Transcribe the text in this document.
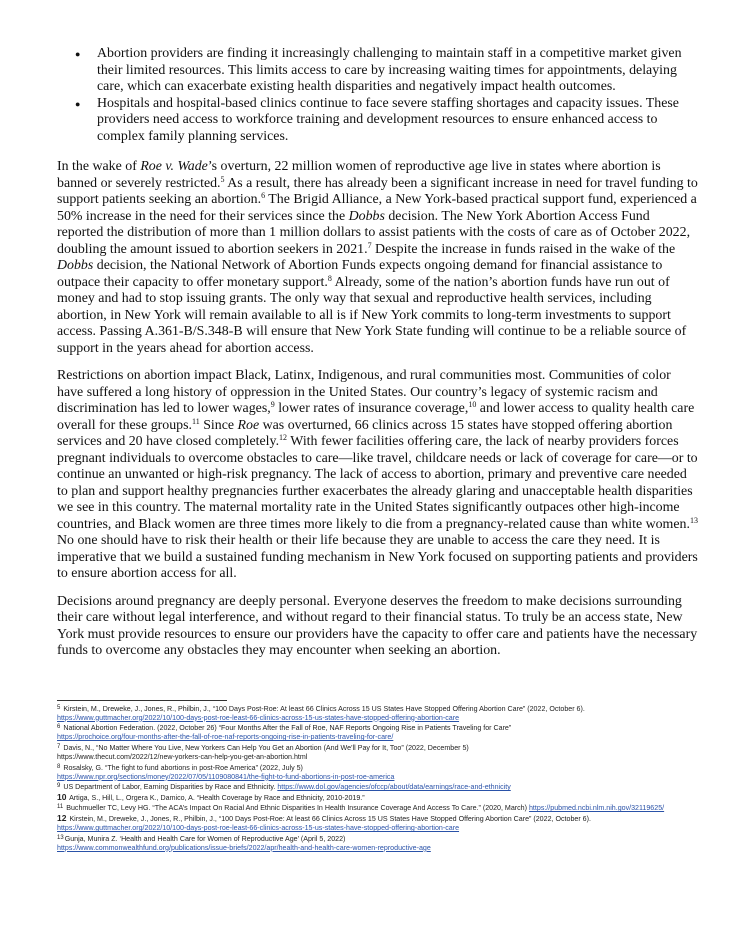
● Abortion providers are finding it increasingly challenging to maintain staff in a competitive market given their limited resources. This limits access to care by increasing waiting times for appointments, delaying care, which can exacerbate existing health disparities and negatively impact health outcomes.
● Hospitals and hospital-based clinics continue to face severe staffing shortages and capacity issues. These providers need access to workforce training and development resources to ensure enhanced access to complex family planning services.

In the wake of Roe v. Wade’s overturn, 22 million women of reproductive age live in states where abortion is banned or severely restricted.$^5$ As a result, there has already been a significant increase in need for travel funding to support patients seeking an abortion.$^6$ The Brigid Alliance, a New York-based practical support fund, experienced a 50% increase in the need for their services since the Dobbs decision. The New York Abortion Access Fund reported the distribution of more than 1 million dollars to assist patients with the costs of care as of October 2022, doubling the amount issued to abortion seekers in 2021.$^7$ Despite the increase in funds raised in the wake of the Dobbs decision, the National Network of Abortion Funds expects ongoing demand for financial assistance to outpace their capacity to offer monetary support.$^8$ Already, some of the nation’s abortion funds have run out of money and had to stop issuing grants. The only way that sexual and reproductive health services, including abortion, in New York will remain available to all is if New York commits to long-term investments to support access. Passing A.361-B/S.348-B will ensure that New York State funding will continue to be a reliable source of support in the years ahead for abortion access.

Restrictions on abortion impact Black, Latinx, Indigenous, and rural communities most. Communities of color have suffered a long history of oppression in the United States. Our country’s legacy of systemic racism and discrimination has led to lower wages,$^9$ lower rates of insurance coverage,$^{10}$ and lower access to quality health care overall for these groups.$^{11}$ Since Roe was overturned, 66 clinics across 15 states have stopped offering abortion services and 20 have closed completely.$^{12}$ With fewer facilities offering care, the lack of nearby providers forces pregnant individuals to overcome obstacles to care—like travel, childcare needs or lack of coverage for care—or to continue an unwanted or high-risk pregnancy. The lack of access to abortion, primary and preventive care needed to plan and support healthy pregnancies further exacerbates the already glaring and unacceptable health disparities we see in this country. The maternal mortality rate in the United States significantly outpaces other high-income countries, and Black women are three times more likely to die from a pregnancy-related cause than white women.$^{13}$ No one should have to risk their health or their life because they are unable to access the care they need. It is imperative that we build a sustained funding mechanism in New York focused on supporting patients and providers to ensure abortion access for all.

Decisions around pregnancy are deeply personal. Everyone deserves the freedom to make decisions surrounding their care without legal interference, and without regard to their financial status. To truly be an access state, New York must provide resources to ensure our providers have the capacity to offer care and patients have the necessary funds to overcome any obstacles they may encounter when seeking an abortion.

$^5$ Kirstein, M., Dreweke, J., Jones, R., Philbin, J., “100 Days Post-Roe: At least 66 Clinics Across 15 US States Have Stopped Offering Abortion Care” (2022, October 6).
https://www.guttmacher.org/2022/10/100-days-post-roe-least-66-clinics-across-15-us-states-have-stopped-offering-abortion-care
$^6$ National Abortion Federation. (2022, October 26) “Four Months After the Fall of Roe, NAF Reports Ongoing Rise in Patients Traveling for Care”
https://prochoice.org/four-months-after-the-fall-of-roe-naf-reports-ongoing-rise-in-patients-traveling-for-care/
$^7$ Davis, N., “No Matter Where You Live, New Yorkers Can Help You Get an Abortion (And We’ll Pay for It, Too” (2022, December 5)
https://www.thecut.com/2022/12/new-yorkers-can-help-you-get-an-abortion.html
$^8$ Rosalsky, G. “The fight to fund abortions in post-Roe America” (2022, July 5)
https://www.npr.org/sections/money/2022/07/05/1109080841/the-fight-to-fund-abortions-in-post-roe-america
$^9$ US Department of Labor, Earning Disparities by Race and Ethnicity. https://www.dol.gov/agencies/ofccp/about/data/earnings/race-and-ethnicity
10 Artiga, S., Hill, L., Orgera K., Damico, A. “Health Coverage by Race and Ethnicity, 2010-2019.”
$^{11}$ Buchmueller TC, Levy HG. “The ACA’s Impact On Racial And Ethnic Disparities In Health Insurance Coverage And Access To Care.” (2020, March) https://pubmed.ncbi.nlm.nih.gov/32119625/
12 Kirstein, M., Dreweke, J., Jones, R., Philbin, J., “100 Days Post-Roe: At least 66 Clinics Across 15 US States Have Stopped Offering Abortion Care” (2022, October 6).
https://www.guttmacher.org/2022/10/100-days-post-roe-least-66-clinics-across-15-us-states-have-stopped-offering-abortion-care
$^{13}$Gunja, Munira Z. ‘Health and Health Care for Women of Reproductive Age’ (April 5, 2022)
https://www.commonwealthfund.org/publications/issue-briefs/2022/apr/health-and-health-care-women-reproductive-age
